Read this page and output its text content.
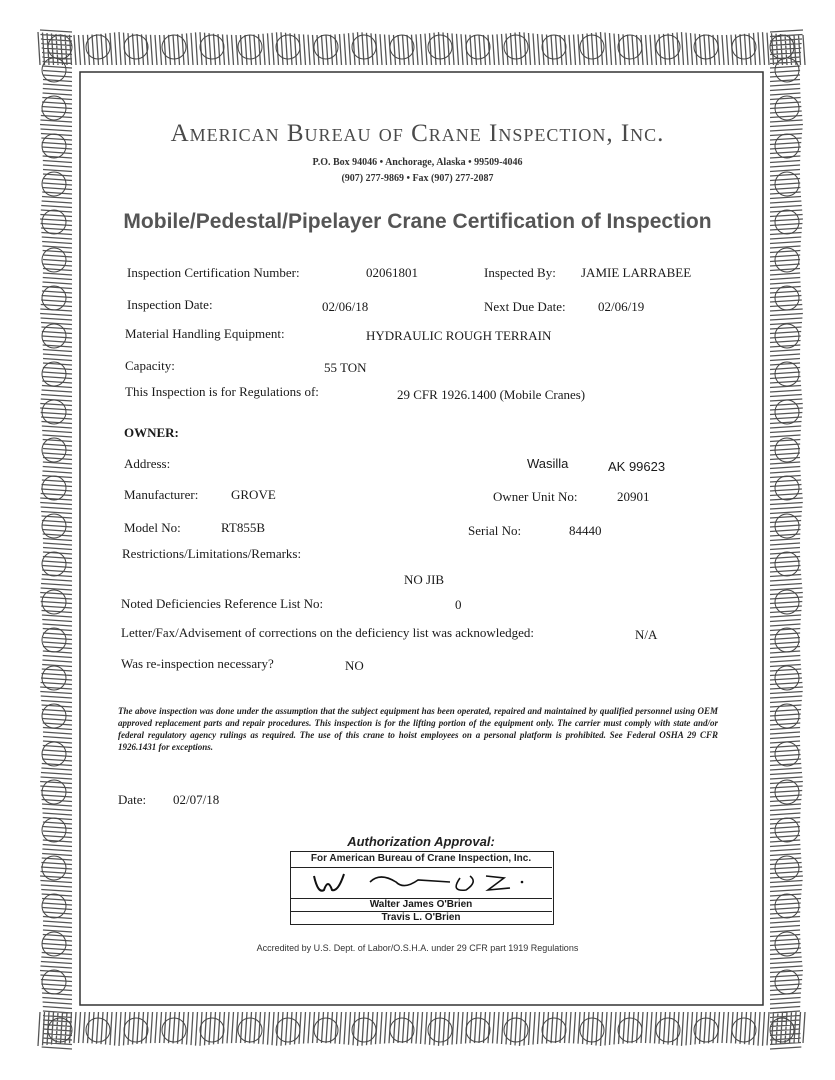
American Bureau of Crane Inspection, Inc.
P.O. Box 94046 • Anchorage, Alaska • 99509-4046
(907) 277-9869 • Fax (907) 277-2087
Mobile/Pedestal/Pipelayer Crane Certification of Inspection
Inspection Certification Number:	02061801	Inspected By: JAMIE LARRABEE
Inspection Date:	02/06/18	Next Due Date: 02/06/19
Material Handling Equipment:	HYDRAULIC ROUGH TERRAIN
Capacity:	55 TON
This Inspection is for Regulations of:	29 CFR 1926.1400 (Mobile Cranes)
OWNER:
Address:	Wasilla	AK 99623
Manufacturer:	GROVE	Owner Unit No:	20901
Model No:	RT855B	Serial No:	84440
Restrictions/Limitations/Remarks:
NO JIB
Noted Deficiencies Reference List No:	0
Letter/Fax/Advisement of corrections on the deficiency list was acknowledged:	N/A
Was re-inspection necessary?	NO
The above inspection was done under the assumption that the subject equipment has been operated, repaired and maintained by qualified personnel using OEM approved replacement parts and repair procedures. This inspection is for the lifting portion of the equipment only. The carrier must comply with state and/or federal regulatory agency rulings as required. The use of this crane to hoist employees on a personal platform is prohibited. See Federal OSHA 29 CFR 1926.1431 for exceptions.
Date: 02/07/18
Authorization Approval:
For American Bureau of Crane Inspection, Inc.
Walter James O'Brien
Travis L. O'Brien
Accredited by U.S. Dept. of Labor/O.S.H.A. under 29 CFR part 1919 Regulations
